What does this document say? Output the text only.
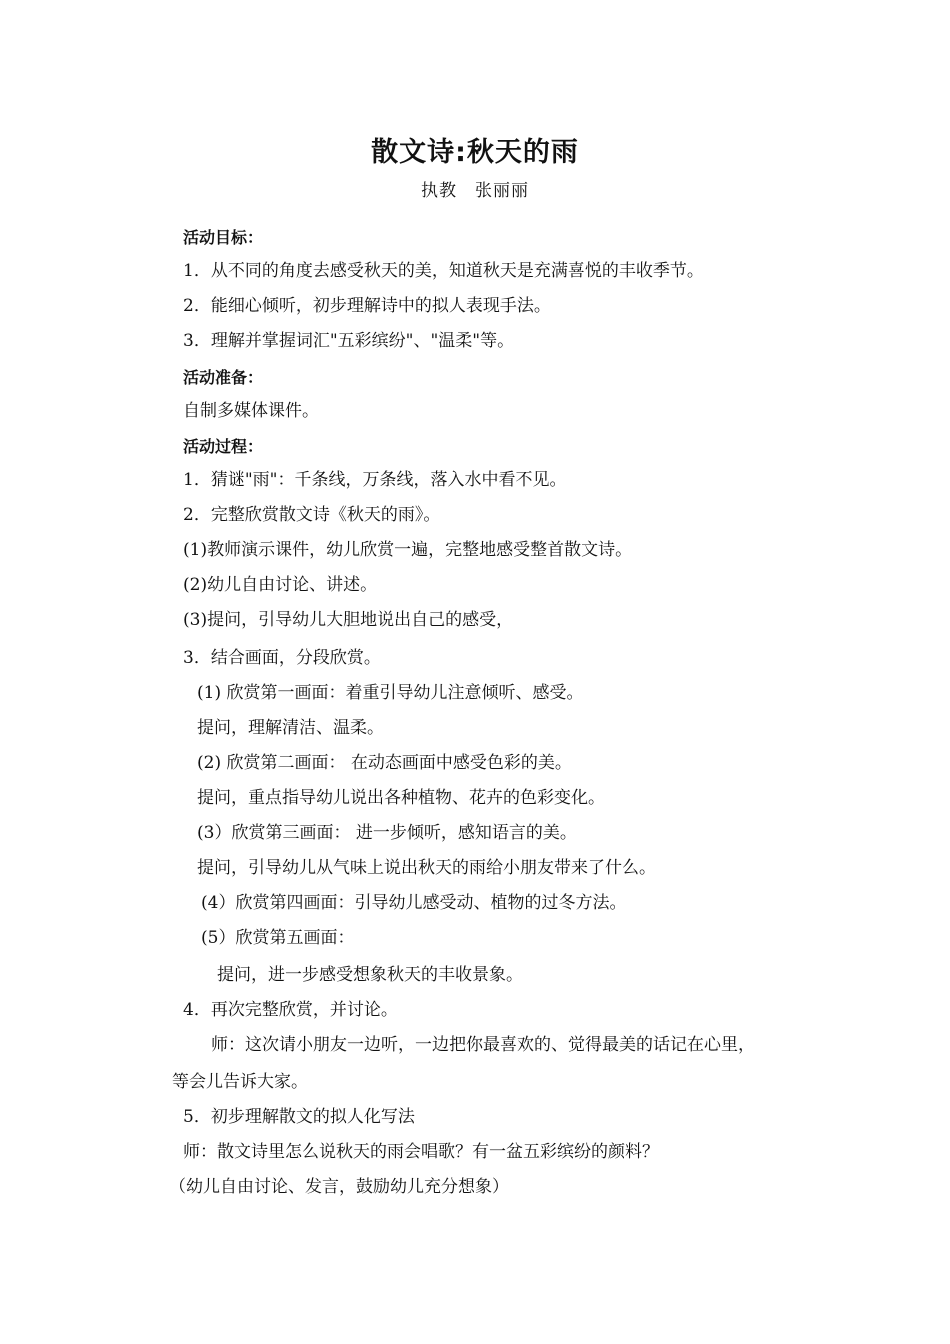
散文诗:秋天的雨
执教　张丽丽
活动目标：
1．从不同的角度去感受秋天的美，知道秋天是充满喜悦的丰收季节。
2．能细心倾听，初步理解诗中的拟人表现手法。
3．理解并掌握词汇"五彩缤纷"、"温柔"等。
活动准备：
自制多媒体课件。
活动过程：
1．猜谜"雨"：千条线，万条线，落入水中看不见。
2．完整欣赏散文诗《秋天的雨》。
(1)教师演示课件，幼儿欣赏一遍，完整地感受整首散文诗。
(2)幼儿自由讨论、讲述。
(3)提问，引导幼儿大胆地说出自己的感受，
3．结合画面，分段欣赏。
(1) 欣赏第一画面：着重引导幼儿注意倾听、感受。
提问，理解清洁、温柔。
(2) 欣赏第二画面： 在动态画面中感受色彩的美。
提问，重点指导幼儿说出各种植物、花卉的色彩变化。
(3）欣赏第三画面： 进一步倾听，感知语言的美。
提问，引导幼儿从气味上说出秋天的雨给小朋友带来了什么。
(4）欣赏第四画面：引导幼儿感受动、植物的过冬方法。
(5）欣赏第五画面：
提问，进一步感受想象秋天的丰收景象。
4．再次完整欣赏，并讨论。
师：这次请小朋友一边听，一边把你最喜欢的、觉得最美的话记在心里，
等会儿告诉大家。
5．初步理解散文的拟人化写法
师：散文诗里怎么说秋天的雨会唱歌？有一盆五彩缤纷的颜料？
（幼儿自由讨论、发言，鼓励幼儿充分想象）
